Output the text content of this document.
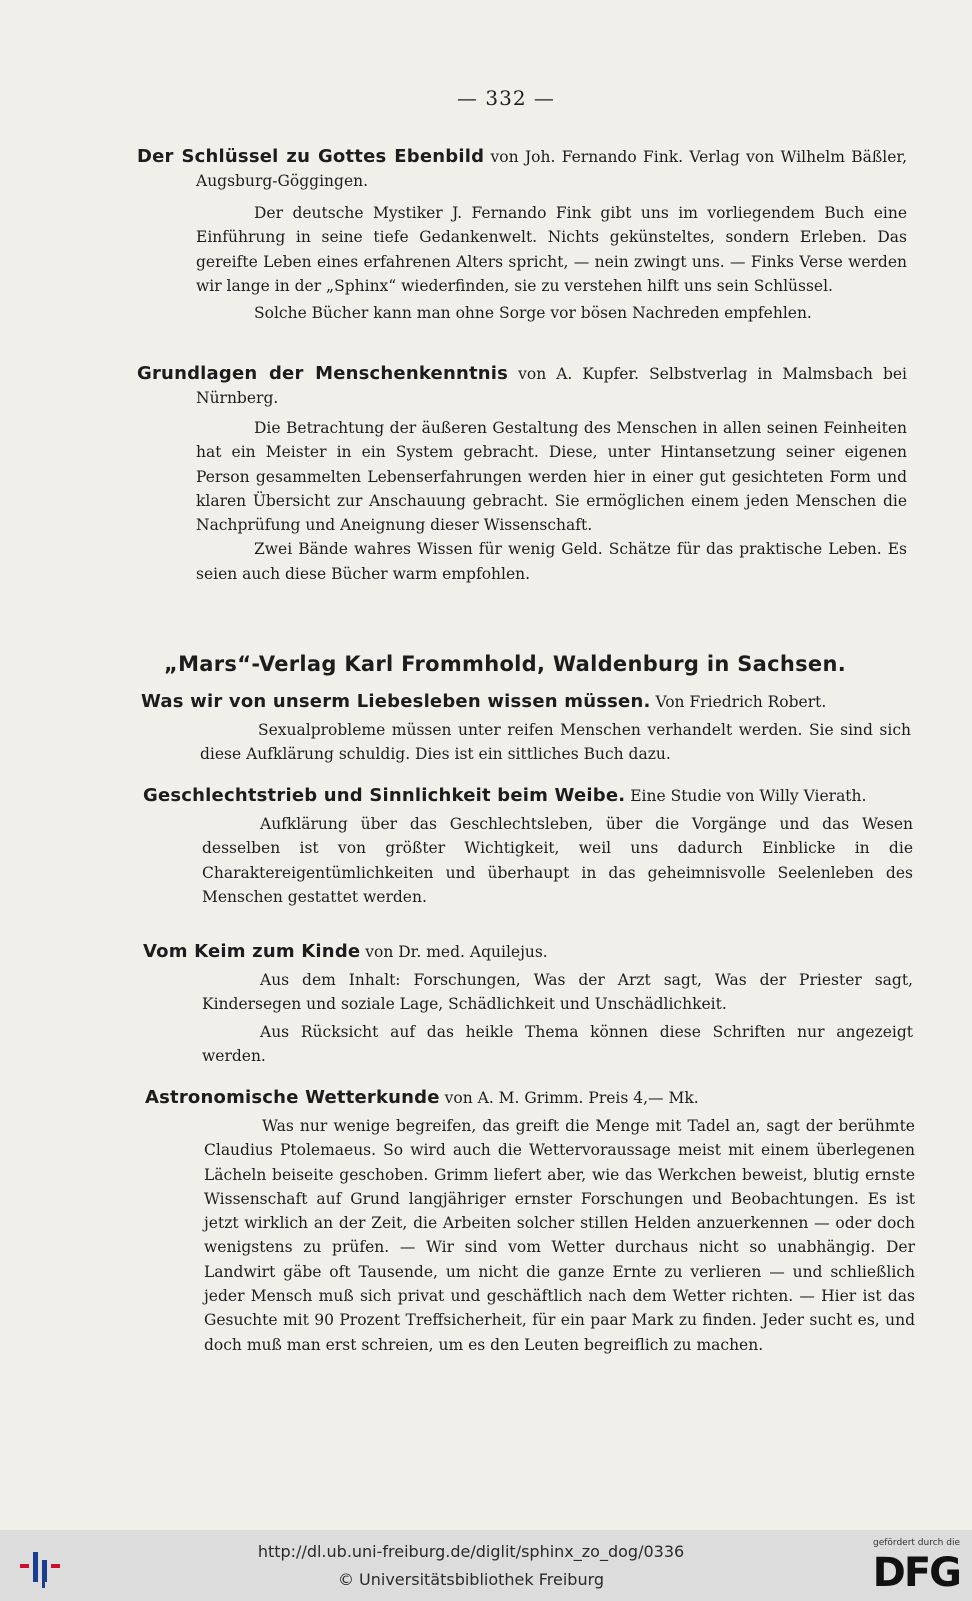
— 332 —

Der Schlüssel zu Gottes Ebenbild von Joh. Fernando Fink. Verlag von Wilhelm Bäßler, Augsburg-Göggingen.

Der deutsche Mystiker J. Fernando Fink gibt uns im vorliegendem Buch eine Einführung in seine tiefe Gedankenwelt. Nichts gekünsteltes, sondern Erleben. Das gereifte Leben eines erfahrenen Alters spricht, — nein zwingt uns. — Finks Verse werden wir lange in der „Sphinx“ wiederfinden, sie zu verstehen hilft uns sein Schlüssel.

Solche Bücher kann man ohne Sorge vor bösen Nachreden empfehlen.

Grundlagen der Menschenkenntnis von A. Kupfer. Selbstverlag in Malmsbach bei Nürnberg.

Die Betrachtung der äußeren Gestaltung des Menschen in allen seinen Feinheiten hat ein Meister in ein System gebracht. Diese, unter Hintansetzung seiner eigenen Person gesammelten Lebenserfahrungen werden hier in einer gut gesichteten Form und klaren Übersicht zur Anschauung gebracht. Sie ermöglichen einem jeden Menschen die Nachprüfung und Aneignung dieser Wissenschaft.

Zwei Bände wahres Wissen für wenig Geld. Schätze für das praktische Leben. Es seien auch diese Bücher warm empfohlen.

„Mars“-Verlag Karl Frommhold, Waldenburg in Sachsen.

Was wir von unserm Liebesleben wissen müssen. Von Friedrich Robert.

Sexualprobleme müssen unter reifen Menschen verhandelt werden. Sie sind sich diese Aufklärung schuldig. Dies ist ein sittliches Buch dazu.

Geschlechtstrieb und Sinnlichkeit beim Weibe. Eine Studie von Willy Vierath.

Aufklärung über das Geschlechtsleben, über die Vorgänge und das Wesen desselben ist von größter Wichtigkeit, weil uns dadurch Einblicke in die Charaktereigentümlichkeiten und überhaupt in das geheimnisvolle Seelenleben des Menschen gestattet werden.

Vom Keim zum Kinde von Dr. med. Aquilejus.

Aus dem Inhalt: Forschungen, Was der Arzt sagt, Was der Priester sagt, Kindersegen und soziale Lage, Schädlichkeit und Unschädlichkeit.

Aus Rücksicht auf das heikle Thema können diese Schriften nur angezeigt werden.

Astronomische Wetterkunde von A. M. Grimm. Preis 4,— Mk.

Was nur wenige begreifen, das greift die Menge mit Tadel an, sagt der berühmte Claudius Ptolemaeus. So wird auch die Wettervoraussage meist mit einem überlegenen Lächeln beiseite geschoben. Grimm liefert aber, wie das Werkchen beweist, blutig ernste Wissenschaft auf Grund langjähriger ernster Forschungen und Beobachtungen. Es ist jetzt wirklich an der Zeit, die Arbeiten solcher stillen Helden anzuerkennen — oder doch wenigstens zu prüfen. — Wir sind vom Wetter durchaus nicht so unabhängig. Der Landwirt gäbe oft Tausende, um nicht die ganze Ernte zu verlieren — und schließlich jeder Mensch muß sich privat und geschäftlich nach dem Wetter richten. — Hier ist das Gesuchte mit 90 Prozent Treffsicherheit, für ein paar Mark zu finden. Jeder sucht es, und doch muß man erst schreien, um es den Leuten begreiflich zu machen.

http://dl.ub.uni-freiburg.de/diglit/sphinx_zo_dog/0336

© Universitätsbibliothek Freiburg

gefördert durch die

DFG
